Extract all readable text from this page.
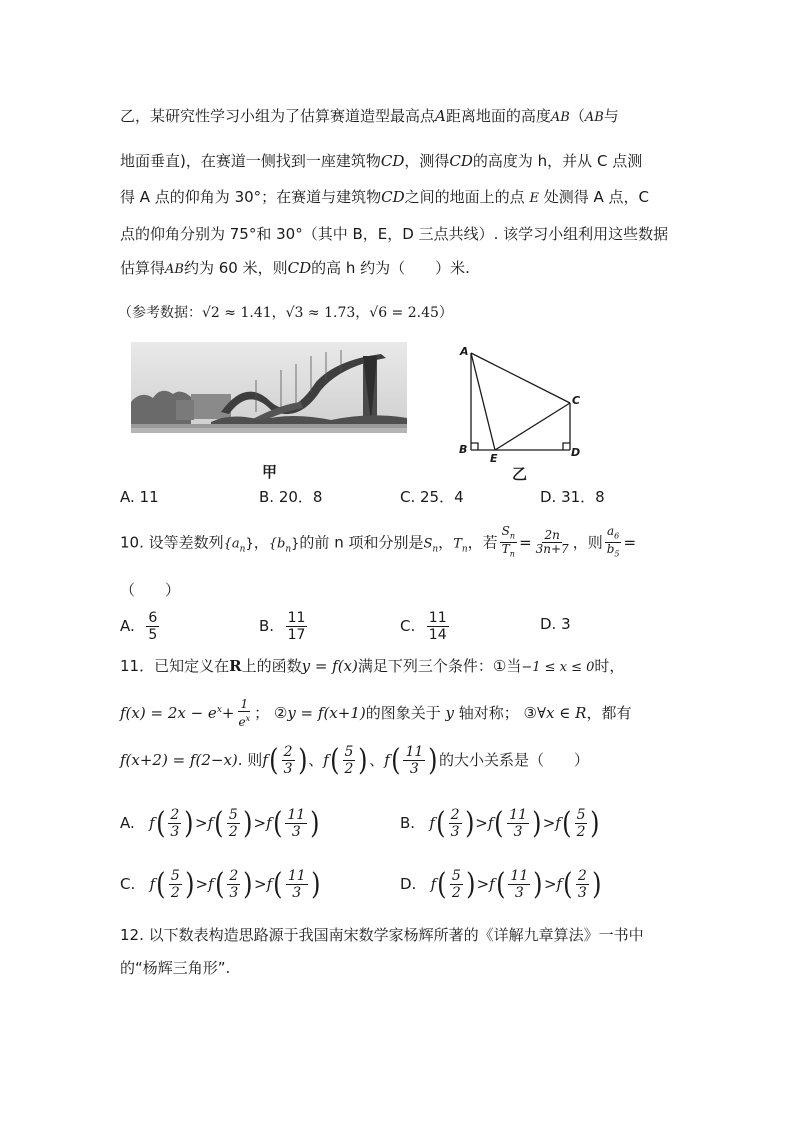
乙，某研究性学习小组为了估算赛道造型最高点A距离地面的高度AB（AB与
地面垂直)，在赛道一侧找到一座建筑物CD，测得CD的高度为 h，并从 C 点测
得 A 点的仰角为 30°；在赛道与建筑物CD之间的地面上的点 E 处测得 A 点，C
点的仰角分别为 75°和 30°（其中 B，E，D 三点共线）. 该学习小组利用这些数据
估算得AB约为 60 米，则CD的高 h 约为（　　）米.
（参考数据：√2 ≈ 1.41，√3 ≈ 1.73，√6 = 2.45）
甲
A
B
C
D
E
乙
A. 11	B. 20．8	C. 25．4	D. 31．8
10. 设等差数列$\{a_n\}$，$\{b_n\}$的前 n 项和分别是$S_n$，$T_n$，若 $\frac{S_n}{T_n} = \frac{2n}{3n+7}$ ，则 $\frac{a_6}{b_5}$ =
（　　）
A. $\frac{6}{5}$	B. $\frac{11}{17}$	C. $\frac{11}{14}$	D. 3
11．已知定义在R上的函数y = f(x)满足下列三个条件：①当−1 ≤ x ≤ 0时，
$f(x) = 2x - e^x+ \frac{1}{e^x}$ ； ②y = f(x+1)的图象关于 y 轴对称； ③∀x ∈ R，都有
f(x+2) = f(2−x). 则$f( \frac{2}{3}$ )、$f( \frac{5}{2}$ )、$f( \frac{11}{3}$ )的大小关系是（　　）
A. $f( \frac{2}{3} )>f( \frac{5}{2} )>f( \frac{11}{3}$ )	B. $f( \frac{2}{3} )>f( \frac{11}{3} )>f( \frac{5}{2}$ )
C. $f( \frac{5}{2} )>f( \frac{2}{3} )>f( \frac{11}{3}$ )	D. $f( \frac{5}{2} )>f( \frac{11}{3} )>f( \frac{2}{3}$ )
12. 以下数表构造思路源于我国南宋数学家杨辉所著的《详解九章算法》一书中
的“杨辉三角形”.
